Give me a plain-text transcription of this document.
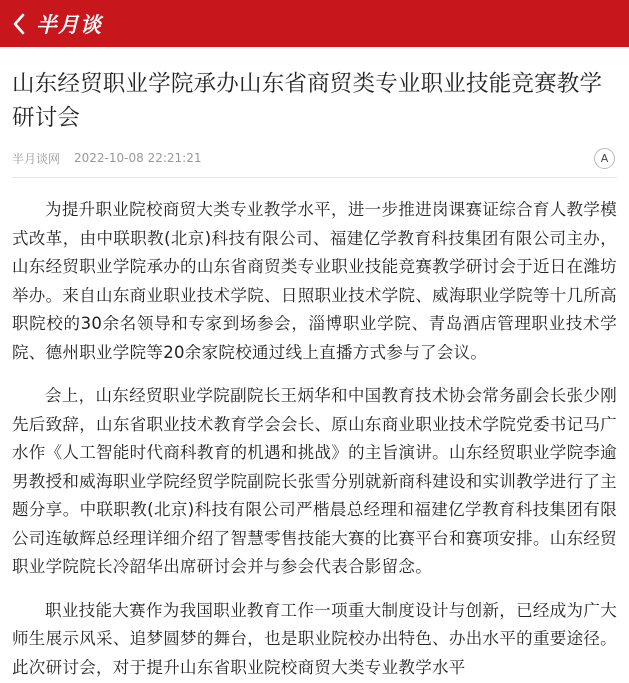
半月谈
山东经贸职业学院承办山东省商贸类专业职业技能竞赛教学研讨会
半月谈网 2022-10-08 22:21:21	A

为提升职业院校商贸大类专业教学水平，进一步推进岗课赛证综合育人教学模式改革，由中联职教(北京)科技有限公司、福建亿学教育科技集团有限公司主办，山东经贸职业学院承办的山东省商贸类专业职业技能竞赛教学研讨会于近日在潍坊举办。来自山东商业职业技术学院、日照职业技术学院、威海职业学院等十几所高职院校的30余名领导和专家到场参会，淄博职业学院、青岛酒店管理职业技术学院、德州职业学院等20余家院校通过线上直播方式参与了会议。

会上，山东经贸职业学院副院长王炳华和中国教育技术协会常务副会长张少刚先后致辞，山东省职业技术教育学会会长、原山东商业职业技术学院党委书记马广水作《人工智能时代商科教育的机遇和挑战》的主旨演讲。山东经贸职业学院李逾男教授和威海职业学院经贸学院副院长张雪分别就新商科建设和实训教学进行了主题分享。中联职教(北京)科技有限公司严楷晨总经理和福建亿学教育科技集团有限公司连敏辉总经理详细介绍了智慧零售技能大赛的比赛平台和赛项安排。山东经贸职业学院院长冷韶华出席研讨会并与参会代表合影留念。

职业技能大赛作为我国职业教育工作一项重大制度设计与创新，已经成为广大师生展示风采、追梦圆梦的舞台，也是职业院校办出特色、办出水平的重要途径。此次研讨会，对于提升山东省职业院校商贸大类专业教学水平
